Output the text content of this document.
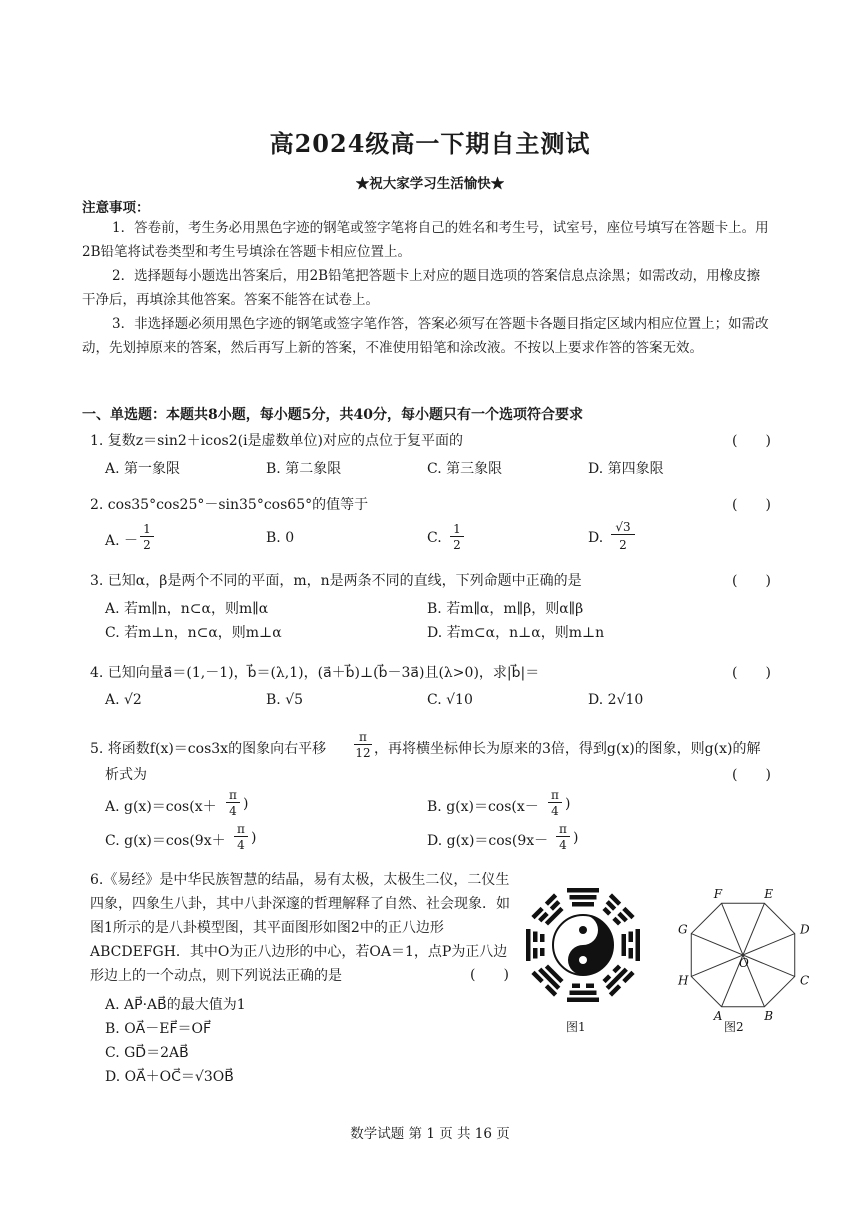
高2024级高一下期自主测试
★祝大家学习生活愉快★
注意事项：
1．答卷前，考生务必用黑色字迹的钢笔或签字笔将自己的姓名和考生号，试室号，座位号填写在答题卡上。用2B铅笔将试卷类型和考生号填涂在答题卡相应位置上。
2．选择题每小题选出答案后，用2B铅笔把答题卡上对应的题目选项的答案信息点涂黑；如需改动，用橡皮擦干净后，再填涂其他答案。答案不能答在试卷上。
3．非选择题必须用黑色字迹的钢笔或签字笔作答，答案必须写在答题卡各题目指定区域内相应位置上；如需改动，先划掉原来的答案，然后再写上新的答案，不准使用铅笔和涂改液。不按以上要求作答的答案无效。
一、单选题：本题共8小题，每小题5分，共40分，每小题只有一个选项符合要求
1. 复数z＝sin2＋icos2(i是虚数单位)对应的点位于复平面的	(　　)
A. 第一象限	B. 第二象限	C. 第三象限	D. 第四象限
2. cos35°cos25°－sin35°cos65°的值等于	(　　)
A. －
1
2	B. 0	C.
1
2	D.
√3
2
3. 已知α，β是两个不同的平面，m，n是两条不同的直线，下列命题中正确的是	(　　)
A. 若m∥n，n⊂α，则m∥α	B. 若m∥α，m∥β，则α∥β
C. 若m⊥n，n⊂α，则m⊥α	D. 若m⊂α，n⊥α，则m⊥n
4. 已知向量a⃗＝(1,－1)，b⃗＝(λ,1)，(a⃗＋b⃗)⊥(b⃗－3a⃗)且(λ>0)，求|b⃗|＝	(　　)
A. √2	B. √5	C. √10	D. 2√10
5. 将函数f(x)＝cos3x的图象向右平移
π
12 ，再将横坐标伸长为原来的3倍，得到g(x)的图象，则g(x)的解
析式为	(　　)
A. g(x)＝cos(x＋
π
4 )	B. g(x)＝cos(x－
π
4 )
C. g(x)＝cos(9x＋
π
4 )	D. g(x)＝cos(9x－
π
4 )
6.《易经》是中华民族智慧的结晶，易有太极，太极生二仪，二仪生四象，四象生八卦，其中八卦深邃的哲理解释了自然、社会现象．如图1所示的是八卦模型图，其平面图形如图2中的正八边形ABCDEFGH．其中O为正八边形的中心，若OA＝1，点P为正八边形边上的一个动点，则下列说法正确的是	(　　)
A. AP⃗·AB⃗的最大值为1
B. OA⃗－EF⃗＝OF⃗
C. GD⃗＝2AB⃗
D. OA⃗＋OC⃗＝√3OB⃗
图1
A	B
C
D
E
F
G
H
O
图2
数学试题 第 1 页 共 16 页
